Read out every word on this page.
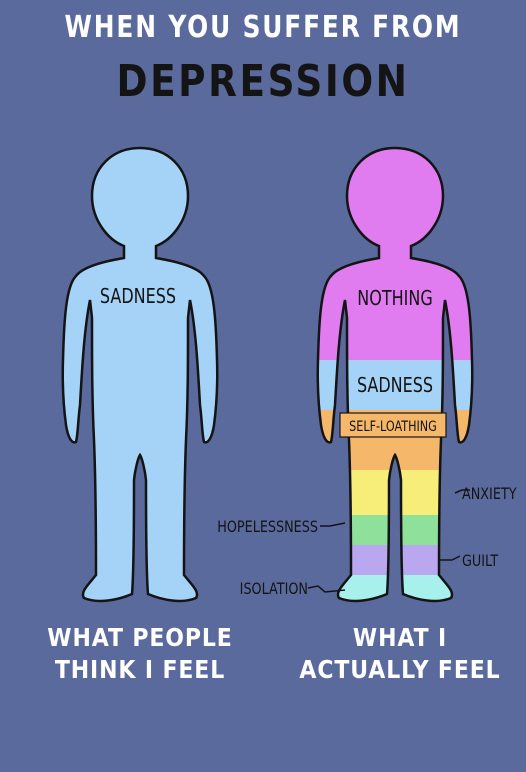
WHEN YOU SUFFER FROM
DEPRESSION
SADNESS	NOTHING
SADNESS
SELF-LOATHING
ANXIETY
HOPELESSNESS
GUILT
ISOLATION
WHAT PEOPLE
THINK I FEEL
WHAT I
ACTUALLY FEEL
